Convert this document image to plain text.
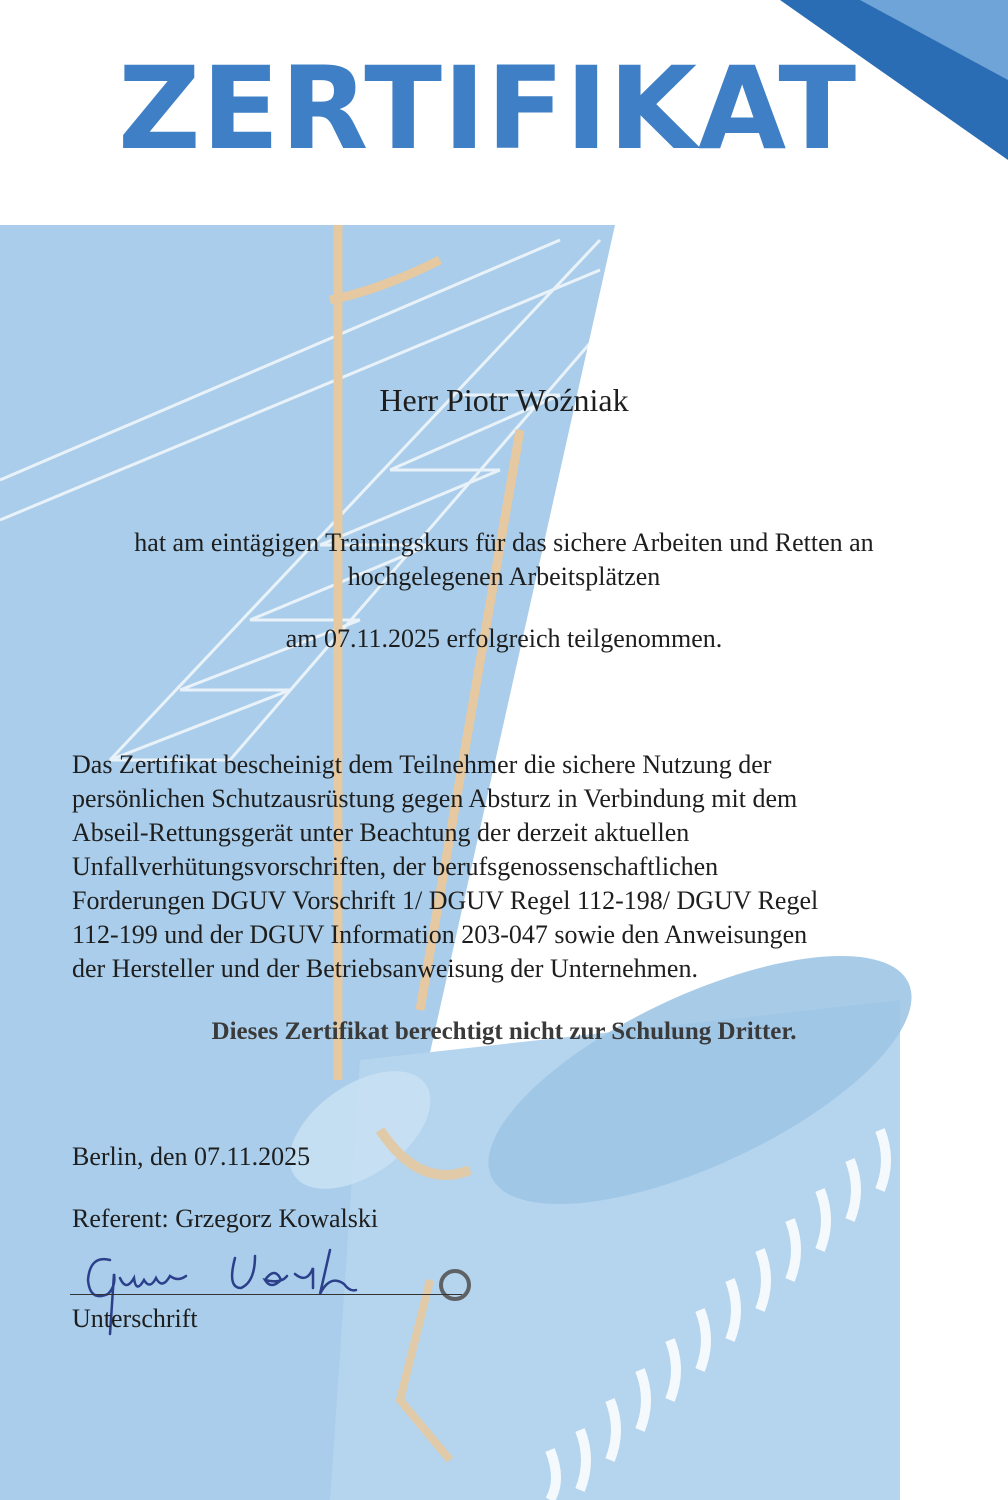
ZERTIFIKAT

Herr Piotr Woźniak

hat am eintägigen Trainingskurs für das sichere Arbeiten und Retten an

hochgelegenen Arbeitsplätzen

am 07.11.2025 erfolgreich teilgenommen.

Das Zertifikat bescheinigt dem Teilnehmer die sichere Nutzung der

persönlichen Schutzausrüstung gegen Absturz in Verbindung mit dem

Abseil-Rettungsgerät unter Beachtung der derzeit aktuellen

Unfallverhütungsvorschriften, der berufsgenossenschaftlichen

Forderungen DGUV Vorschrift 1/ DGUV Regel 112-198/ DGUV Regel

112-199 und der DGUV Information 203-047 sowie den Anweisungen

der Hersteller und der Betriebsanweisung der Unternehmen.

Dieses Zertifikat berechtigt nicht zur Schulung Dritter.

Berlin, den 07.11.2025

Referent: Grzegorz Kowalski

Unterschrift
